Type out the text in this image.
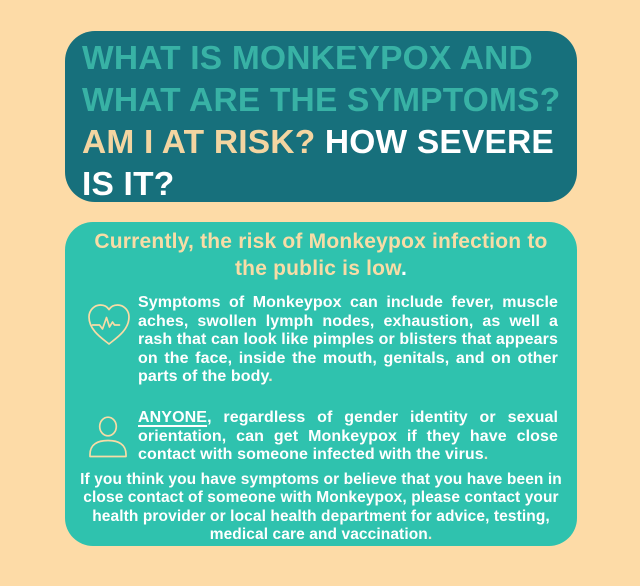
WHAT IS MONKEYPOX AND
WHAT ARE THE SYMPTOMS?
AM I AT RISK? HOW SEVERE
IS IT?
Currently, the risk of Monkeypox infection to the public is low.

Symptoms of Monkeypox can include fever, muscle aches, swollen lymph nodes, exhaustion, as well a rash that can look like pimples or blisters that appears on the face, inside the mouth, genitals, and on other parts of the body.

ANYONE, regardless of gender identity or sexual orientation, can get Monkeypox if they have close contact with someone infected with the virus.

If you think you have symptoms or believe that you have been in close contact of someone with Monkeypox, please contact your health provider or local health department for advice, testing, medical care and vaccination.
